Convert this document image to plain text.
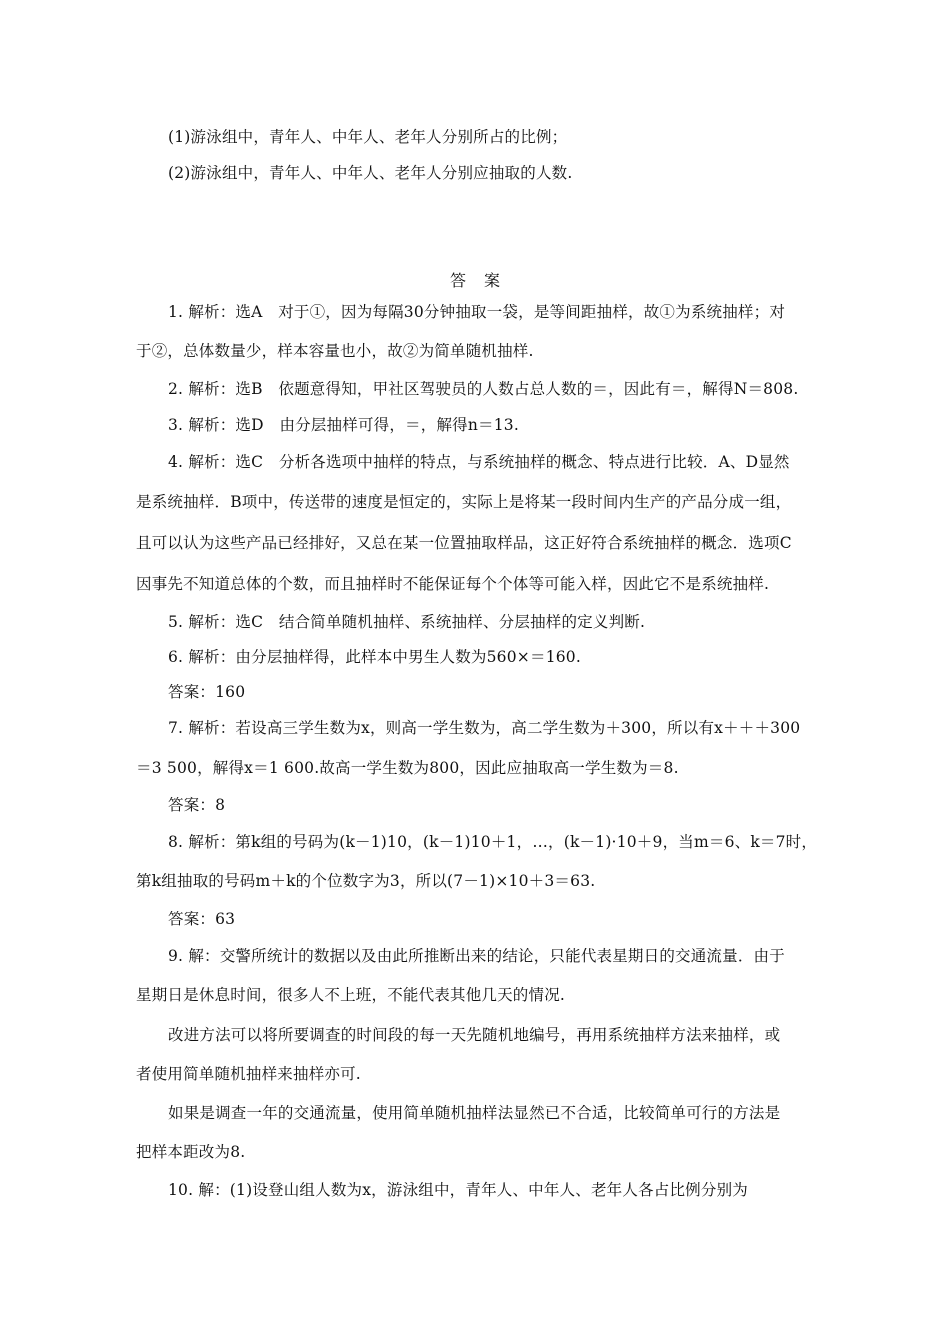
(1)游泳组中，青年人、中年人、老年人分别所占的比例；
(2)游泳组中，青年人、中年人、老年人分别应抽取的人数.
答案
1. 解析：选A　对于①，因为每隔30分钟抽取一袋，是等间距抽样，故①为系统抽样；对
于②，总体数量少，样本容量也小，故②为简单随机抽样.
2. 解析：选B　依题意得知，甲社区驾驶员的人数占总人数的＝，因此有＝，解得N＝808.
3. 解析：选D　由分层抽样可得，＝，解得n＝13.
4. 解析：选C　分析各选项中抽样的特点，与系统抽样的概念、特点进行比较．A、D显然
是系统抽样．B项中，传送带的速度是恒定的，实际上是将某一段时间内生产的产品分成一组，
且可以认为这些产品已经排好，又总在某一位置抽取样品，这正好符合系统抽样的概念．选项C
因事先不知道总体的个数，而且抽样时不能保证每个个体等可能入样，因此它不是系统抽样.
5. 解析：选C　结合简单随机抽样、系统抽样、分层抽样的定义判断.
6. 解析：由分层抽样得，此样本中男生人数为560×＝160.
答案：160
7. 解析：若设高三学生数为x，则高一学生数为，高二学生数为＋300，所以有x＋＋＋300
＝3 500，解得x＝1 600.故高一学生数为800，因此应抽取高一学生数为＝8.
答案：8
8. 解析：第k组的号码为(k－1)10，(k－1)10＋1，…，(k－1)·10＋9，当m＝6、k＝7时，
第k组抽取的号码m＋k的个位数字为3，所以(7－1)×10＋3＝63.
答案：63
9. 解：交警所统计的数据以及由此所推断出来的结论，只能代表星期日的交通流量．由于
星期日是休息时间，很多人不上班，不能代表其他几天的情况.
改进方法可以将所要调查的时间段的每一天先随机地编号，再用系统抽样方法来抽样，或
者使用简单随机抽样来抽样亦可.
如果是调查一年的交通流量，使用简单随机抽样法显然已不合适，比较简单可行的方法是
把样本距改为8.
10. 解：(1)设登山组人数为x，游泳组中，青年人、中年人、老年人各占比例分别为
